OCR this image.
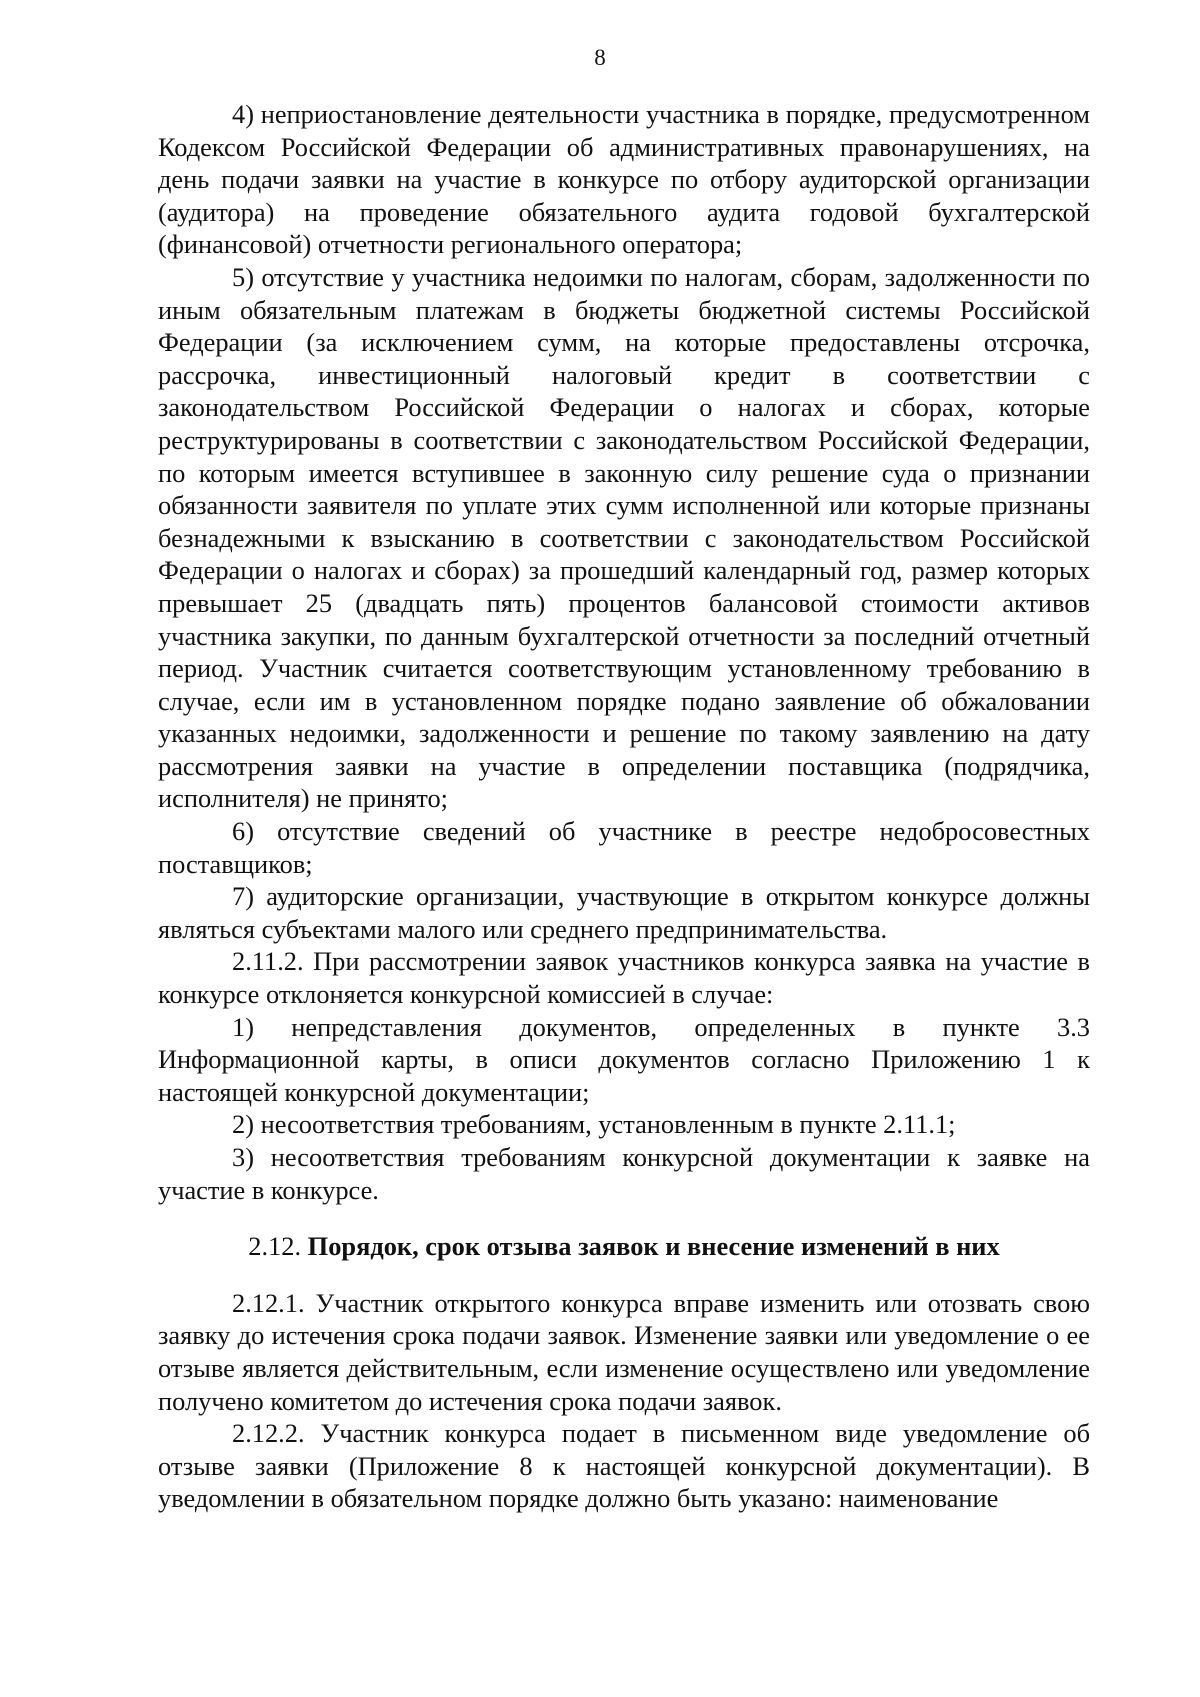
8

4) неприостановление деятельности участника в порядке, предусмотренном Кодексом Российской Федерации об административных правонарушениях, на день подачи заявки на участие в конкурсе по отбору аудиторской организации (аудитора) на проведение обязательного аудита годовой бухгалтерской (финансовой) отчетности регионального оператора;

5) отсутствие у участника недоимки по налогам, сборам, задолженности по иным обязательным платежам в бюджеты бюджетной системы Российской Федерации (за исключением сумм, на которые предоставлены отсрочка, рассрочка, инвестиционный налоговый кредит в соответствии с законодательством Российской Федерации о налогах и сборах, которые реструктурированы в соответствии с законодательством Российской Федерации, по которым имеется вступившее в законную силу решение суда о признании обязанности заявителя по уплате этих сумм исполненной или которые признаны безнадежными к взысканию в соответствии с законодательством Российской Федерации о налогах и сборах) за прошедший календарный год, размер которых превышает 25 (двадцать пять) процентов балансовой стоимости активов участника закупки, по данным бухгалтерской отчетности за последний отчетный период. Участник считается соответствующим установленному требованию в случае, если им в установленном порядке подано заявление об обжаловании указанных недоимки, задолженности и решение по такому заявлению на дату рассмотрения заявки на участие в определении поставщика (подрядчика, исполнителя) не принято;

6) отсутствие сведений об участнике в реестре недобросовестных поставщиков;

7) аудиторские организации, участвующие в открытом конкурсе должны являться субъектами малого или среднего предпринимательства.

2.11.2. При рассмотрении заявок участников конкурса заявка на участие в конкурсе отклоняется конкурсной комиссией в случае:

1) непредставления документов, определенных в пункте 3.3 Информационной карты, в описи документов согласно Приложению 1 к настоящей конкурсной документации;

2) несоответствия требованиям, установленным в пункте 2.11.1;

3) несоответствия требованиям конкурсной документации к заявке на участие в конкурсе.

2.12. Порядок, срок отзыва заявок и внесение изменений в них

2.12.1. Участник открытого конкурса вправе изменить или отозвать свою заявку до истечения срока подачи заявок. Изменение заявки или уведомление о ее отзыве является действительным, если изменение осуществлено или уведомление получено комитетом до истечения срока подачи заявок.

2.12.2. Участник конкурса подает в письменном виде уведомление об отзыве заявки (Приложение 8 к настоящей конкурсной документации). В уведомлении в обязательном порядке должно быть указано: наименование
